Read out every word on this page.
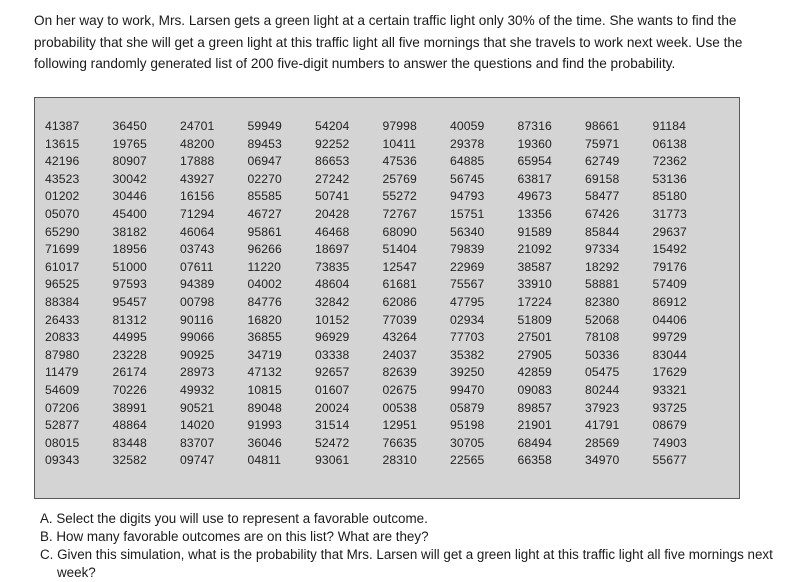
On her way to work, Mrs. Larsen gets a green light at a certain traffic light only 30% of the time. She wants to find the probability that she will get a green light at this traffic light all five mornings that she travels to work next week. Use the following randomly generated list of 200 five-digit numbers to answer the questions and find the probability.

41387	36450	24701	59949	54204	97998	40059	87316	98661	91184
13615	19765	48200	89453	92252	10411	29378	19360	75971	06138
42196	80907	17888	06947	86653	47536	64885	65954	62749	72362
43523	30042	43927	02270	27242	25769	56745	63817	69158	53136
01202	30446	16156	85585	50741	55272	94793	49673	58477	85180
05070	45400	71294	46727	20428	72767	15751	13356	67426	31773
65290	38182	46064	95861	46468	68090	56340	91589	85844	29637
71699	18956	03743	96266	18697	51404	79839	21092	97334	15492
61017	51000	07611	11220	73835	12547	22969	38587	18292	79176
96525	97593	94389	04002	48604	61681	75567	33910	58881	57409
88384	95457	00798	84776	32842	62086	47795	17224	82380	86912
26433	81312	90116	16820	10152	77039	02934	51809	52068	04406
20833	44995	99066	36855	96929	43264	77703	27501	78108	99729
87980	23228	90925	34719	03338	24037	35382	27905	50336	83044
11479	26174	28973	47132	92657	82639	39250	42859	05475	17629
54609	70226	49932	10815	01607	02675	99470	09083	80244	93321
07206	38991	90521	89048	20024	00538	05879	89857	37923	93725
52877	48864	14020	91993	31514	12951	95198	21901	41791	08679
08015	83448	83707	36046	52472	76635	30705	68494	28569	74903
09343	32582	09747	04811	93061	28310	22565	66358	34970	55677
A. Select the digits you will use to represent a favorable outcome.
B. How many favorable outcomes are on this list? What are they?
C. Given this simulation, what is the probability that Mrs. Larsen will get a green light at this traffic light all five mornings next week?
